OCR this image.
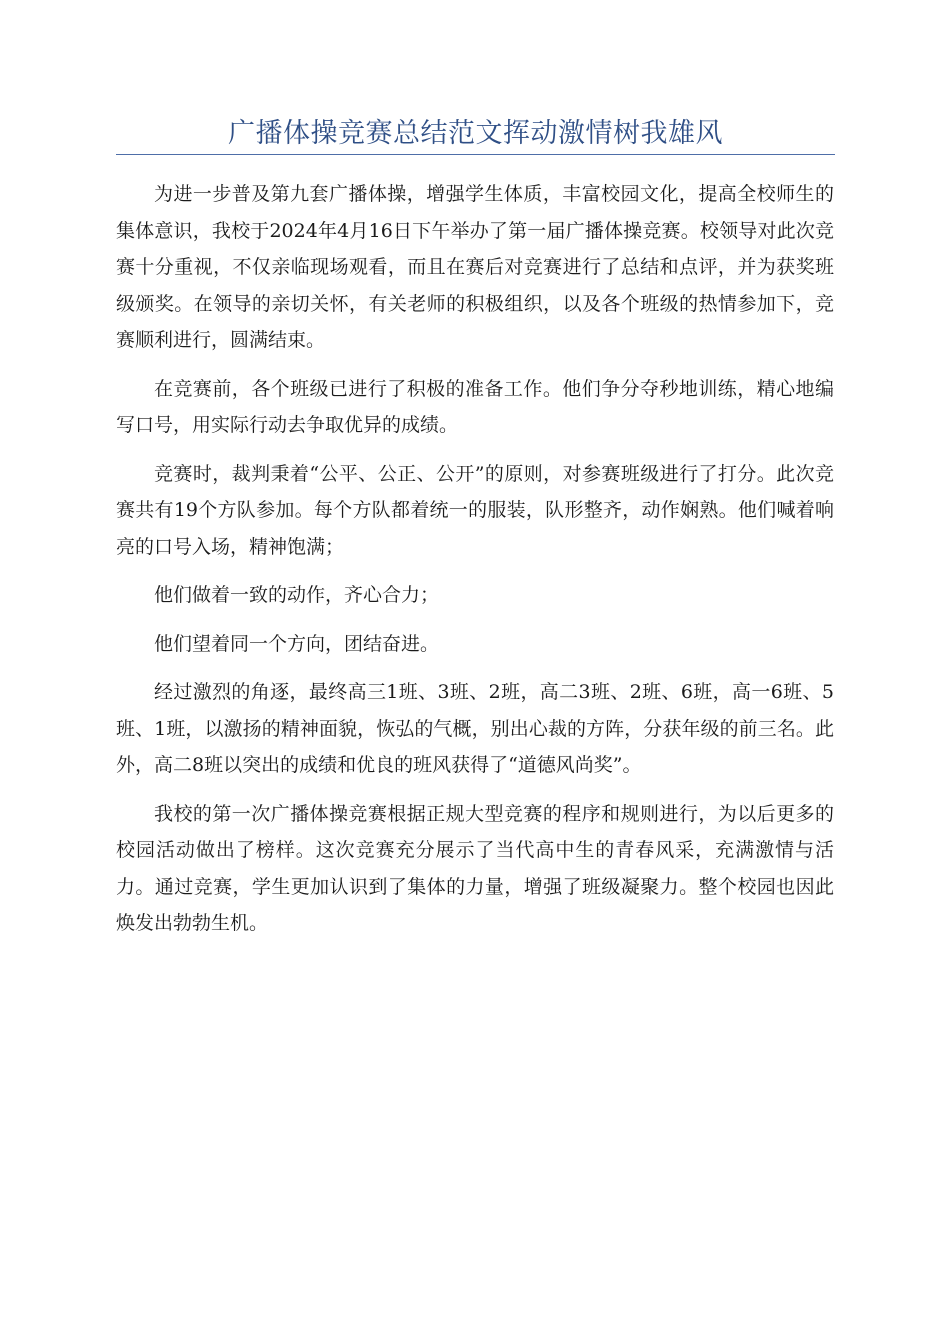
广播体操竞赛总结范文挥动激情树我雄风

为进一步普及第九套广播体操，增强学生体质，丰富校园文化，提高全校师生的集体意识，我校于2024年4月16日下午举办了第一届广播体操竞赛。校领导对此次竞赛十分重视，不仅亲临现场观看，而且在赛后对竞赛进行了总结和点评，并为获奖班级颁奖。在领导的亲切关怀，有关老师的积极组织，以及各个班级的热情参加下，竞赛顺利进行，圆满结束。

在竞赛前，各个班级已进行了积极的准备工作。他们争分夺秒地训练，精心地编写口号，用实际行动去争取优异的成绩。

竞赛时，裁判秉着“公平、公正、公开”的原则，对参赛班级进行了打分。此次竞赛共有19个方队参加。每个方队都着统一的服装，队形整齐，动作娴熟。他们喊着响亮的口号入场，精神饱满；

他们做着一致的动作，齐心合力；

他们望着同一个方向，团结奋进。

经过激烈的角逐，最终高三1班、3班、2班，高二3班、2班、6班，高一6班、5班、1班，以激扬的精神面貌，恢弘的气概，别出心裁的方阵，分获年级的前三名。此外，高二8班以突出的成绩和优良的班风获得了“道德风尚奖”。

我校的第一次广播体操竞赛根据正规大型竞赛的程序和规则进行，为以后更多的校园活动做出了榜样。这次竞赛充分展示了当代高中生的青春风采，充满激情与活力。通过竞赛，学生更加认识到了集体的力量，增强了班级凝聚力。整个校园也因此焕发出勃勃生机。
